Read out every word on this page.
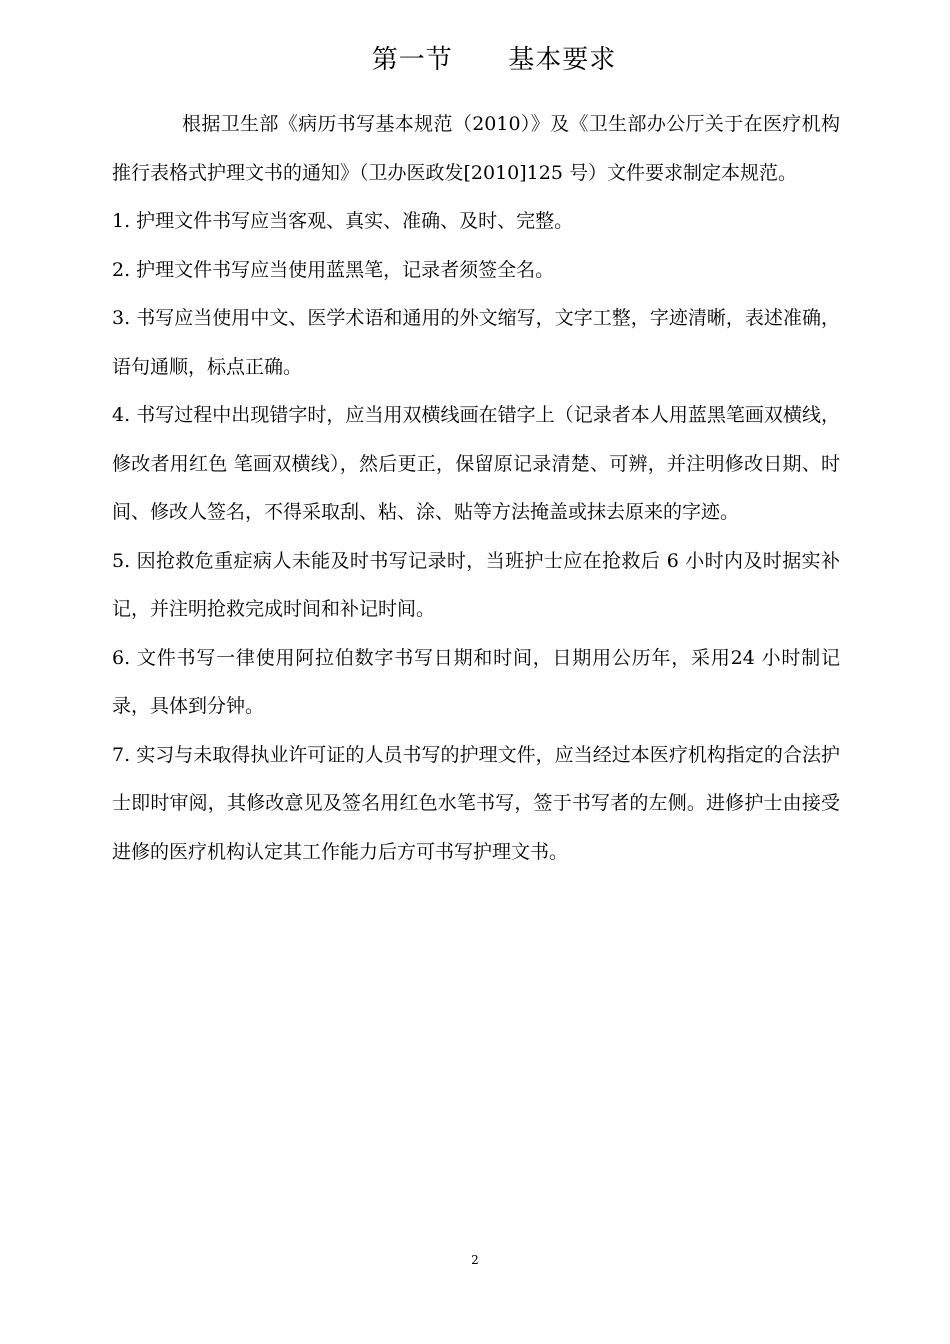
第一节      基本要求

根据卫生部《病历书写基本规范（2010）》及《卫生部办公厅关于在医疗机构推行表格式护理文书的通知》（卫办医政发[2010]125 号）文件要求制定本规范。

1. 护理文件书写应当客观、真实、准确、及时、完整。

2. 护理文件书写应当使用蓝黑笔，记录者须签全名。

3. 书写应当使用中文、医学术语和通用的外文缩写，文字工整，字迹清晰，表述准确，语句通顺，标点正确。

4. 书写过程中出现错字时，应当用双横线画在错字上（记录者本人用蓝黑笔画双横线，修改者用红色 笔画双横线），然后更正，保留原记录清楚、可辨，并注明修改日期、时间、修改人签名，不得采取刮、粘、涂、贴等方法掩盖或抹去原来的字迹。

5. 因抢救危重症病人未能及时书写记录时，当班护士应在抢救后 6 小时内及时据实补记，并注明抢救完成时间和补记时间。

6. 文件书写一律使用阿拉伯数字书写日期和时间，日期用公历年，采用24 小时制记录，具体到分钟。

7. 实习与未取得执业许可证的人员书写的护理文件，应当经过本医疗机构指定的合法护士即时审阅，其修改意见及签名用红色水笔书写，签于书写者的左侧。进修护士由接受进修的医疗机构认定其工作能力后方可书写护理文书。

2
